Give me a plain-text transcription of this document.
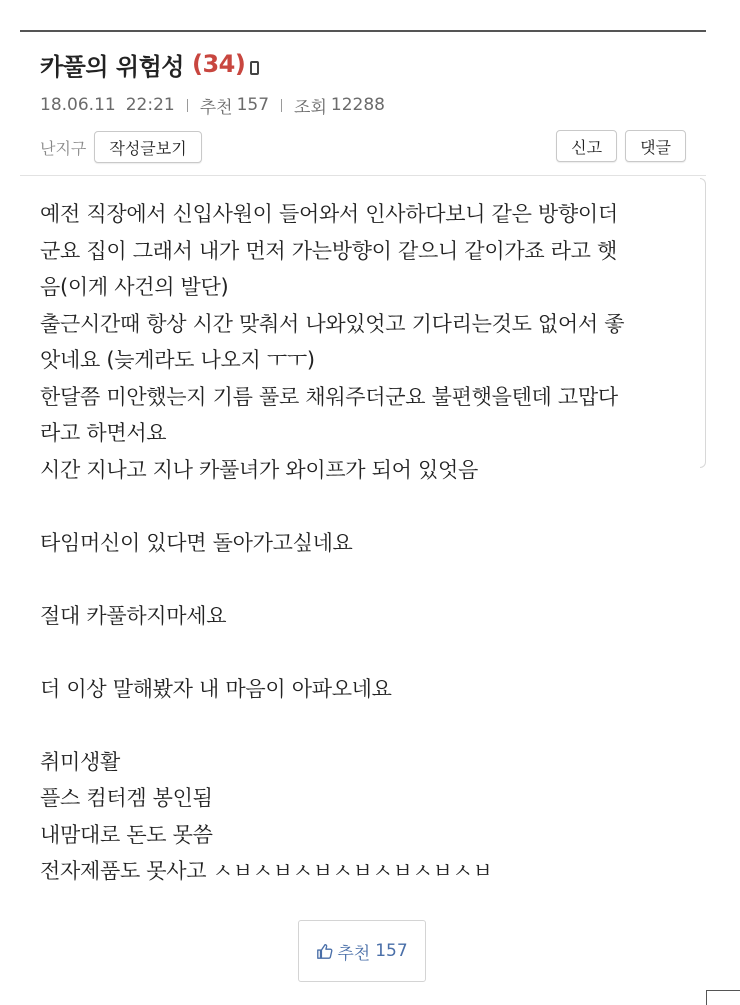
카풀의 위험성 (34)
18.06.11 22:21 추천 157 조회 12288
난지구	작성글보기	신고	댓글

예전 직장에서 신입사원이 들어와서 인사하다보니 같은 방향이더

군요 집이 그래서 내가 먼저 가는방향이 같으니 같이가죠 라고 햇

음(이게 사건의 발단)

출근시간때 항상 시간 맞춰서 나와있엇고 기다리는것도 없어서 좋

앗네요 (늦게라도 나오지 ㅜㅜ)

한달쯤 미안했는지 기름 풀로 채워주더군요 불편햇을텐데 고맙다

라고 하면서요

시간 지나고 지나 카풀녀가 와이프가 되어 있엇음

타임머신이 있다면 돌아가고싶네요

절대 카풀하지마세요

더 이상 말해봤자 내 마음이 아파오네요

취미생활

플스 컴터겜 봉인됨

내맘대로 돈도 못씀

전자제품도 못사고 ㅅㅂㅅㅂㅅㅂㅅㅂㅅㅂㅅㅂㅅㅂ

추천 157
